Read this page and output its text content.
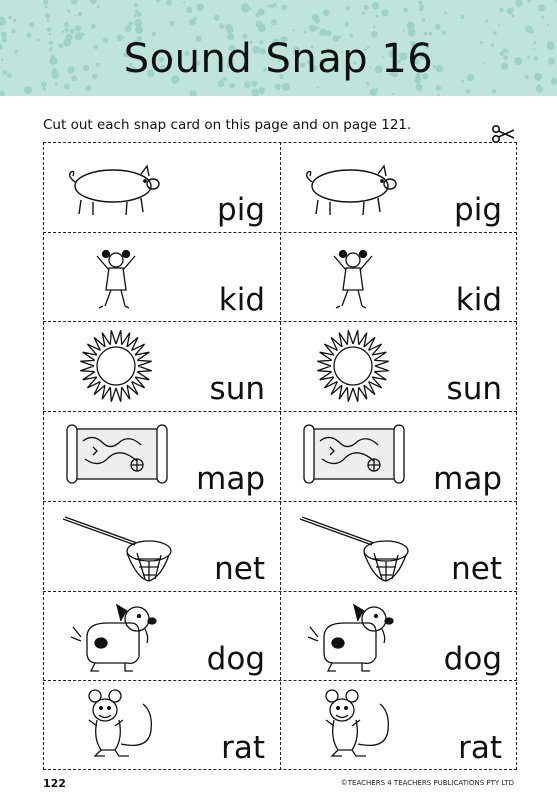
Sound Snap 16
Cut out each snap card on this page and on page 121.
pig	pig
kid	kid
sun	sun
map	map
net	net
dog	dog
rat	rat
122	©TEACHERS 4 TEACHERS PUBLICATIONS PTY LTD
